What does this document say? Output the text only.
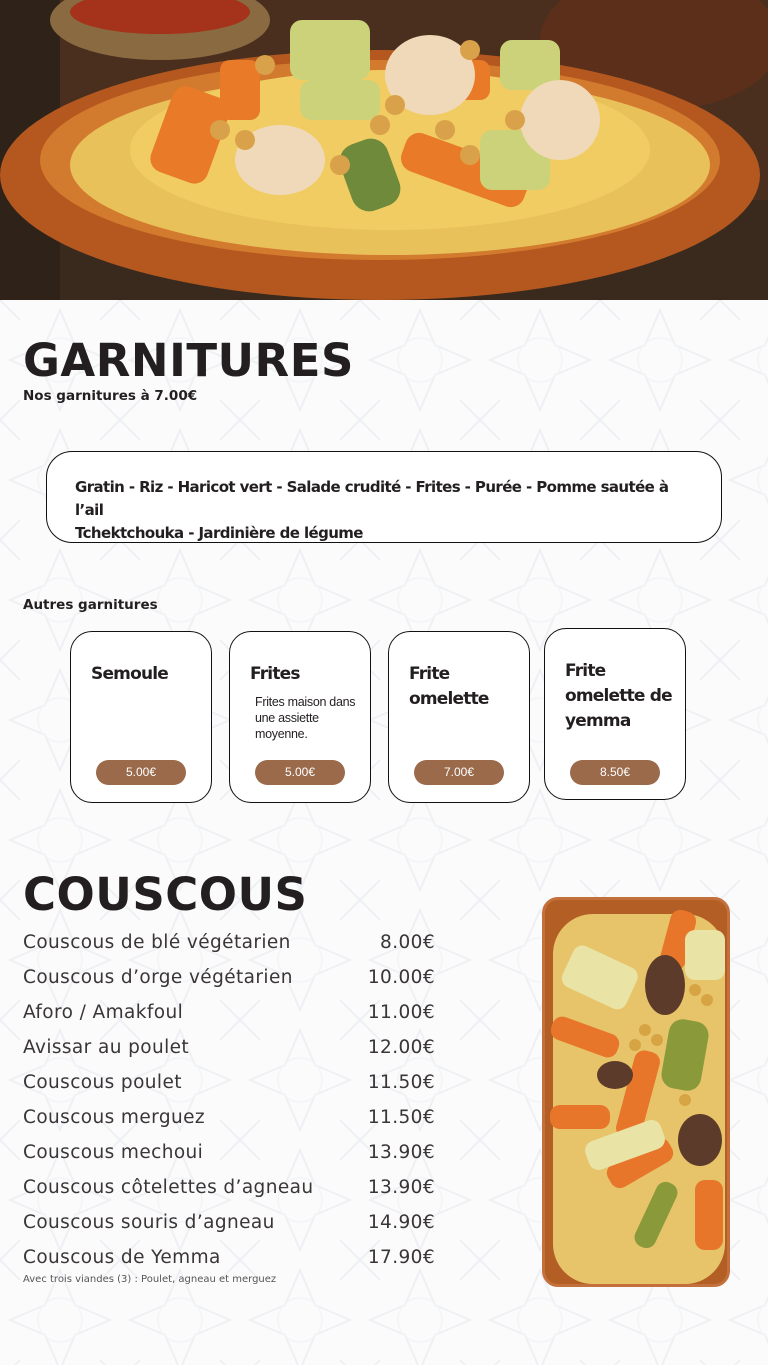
GARNITURES
Nos garnitures à 7.00€
Gratin - Riz - Haricot vert - Salade crudité - Frites - Purée - Pomme sautée à l’ail
Tchektchouka - Jardinière de légume
Autres garnitures
Semoule
5.00€
Frites
Frites maison dans une assiette moyenne.
5.00€
Frite omelette
7.00€
Frite omelette de yemma
8.50€
COUSCOUS
Couscous de blé végétarien	8.00€
Couscous d’orge végétarien	10.00€
Aforo / Amakfoul	11.00€
Avissar au poulet	12.00€
Couscous poulet	11.50€
Couscous merguez	11.50€
Couscous mechoui	13.90€
Couscous côtelettes d’agneau	13.90€
Couscous souris d’agneau	14.90€
Couscous de Yemma	17.90€
Avec trois viandes (3) : Poulet, agneau et merguez
